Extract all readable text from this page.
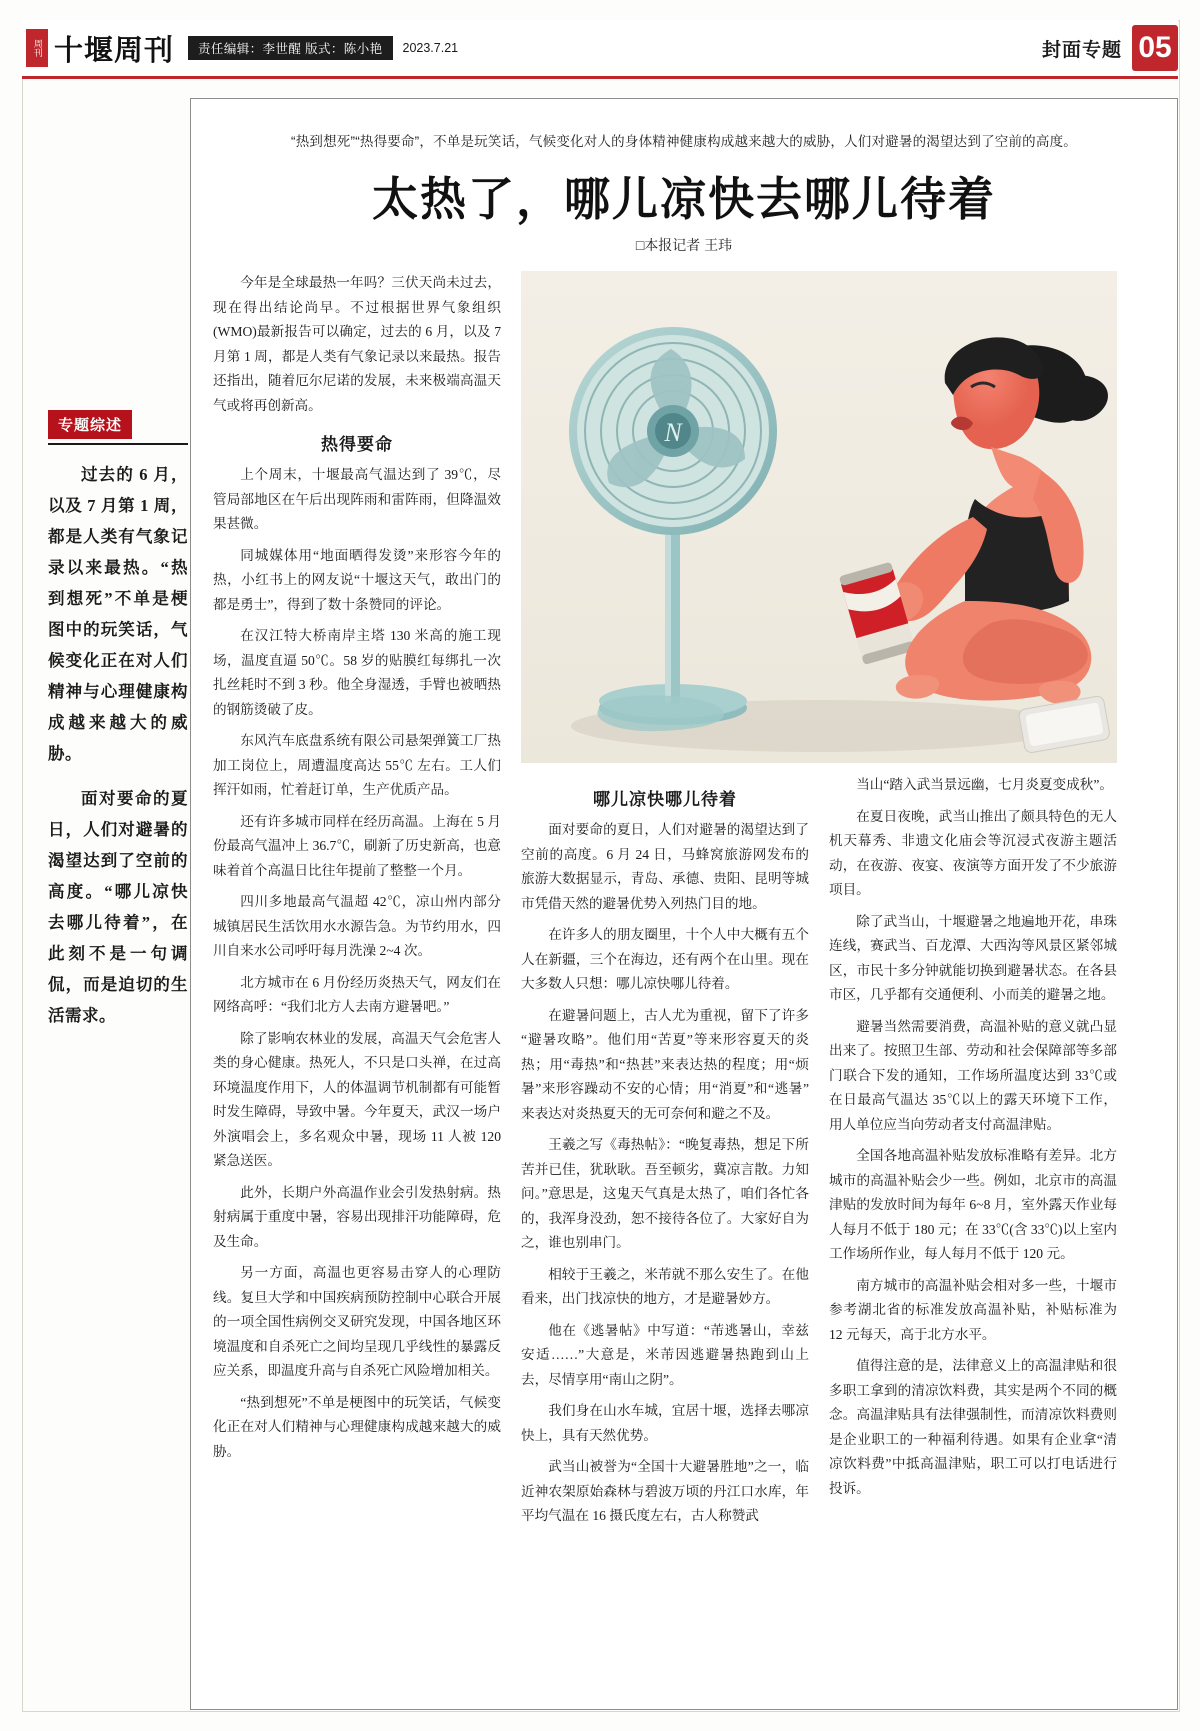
周刊 十堰周刊	责任编辑：李世醒 版式：陈小艳	2023.7.21	封面专题 05
专题综述

过去的 6 月，以及 7 月第 1 周，都是人类有气象记录以来最热。“热到想死”不单是梗图中的玩笑话，气候变化正在对人们精神与心理健康构成越来越大的威胁。

面对要命的夏日，人们对避暑的渴望达到了空前的高度。“哪儿凉快去哪儿待着”，在此刻不是一句调侃，而是迫切的生活需求。

“热到想死”“热得要命”，不单是玩笑话，气候变化对人的身体精神健康构成越来越大的威胁，人们对避暑的渴望达到了空前的高度。
太热了，哪儿凉快去哪儿待着
□本报记者 王玮

今年是全球最热一年吗？三伏天尚未过去，现在得出结论尚早。不过根据世界气象组织(WMO)最新报告可以确定，过去的 6 月，以及 7 月第 1 周，都是人类有气象记录以来最热。报告还指出，随着厄尔尼诺的发展，未来极端高温天气或将再创新高。

热得要命

上个周末，十堰最高气温达到了 39℃，尽管局部地区在午后出现阵雨和雷阵雨，但降温效果甚微。

同城媒体用“地面晒得发烫”来形容今年的热，小红书上的网友说“十堰这天气，敢出门的都是勇士”，得到了数十条赞同的评论。

在汉江特大桥南岸主塔 130 米高的施工现场，温度直逼 50℃。58 岁的贴膜红每绑扎一次扎丝耗时不到 3 秒。他全身湿透，手臂也被晒热的钢筋烫破了皮。

东风汽车底盘系统有限公司悬架弹簧工厂热加工岗位上，周遭温度高达 55℃ 左右。工人们挥汗如雨，忙着赶订单，生产优质产品。

还有许多城市同样在经历高温。上海在 5 月份最高气温冲上 36.7℃，刷新了历史新高，也意味着首个高温日比往年提前了整整一个月。

四川多地最高气温超 42℃，凉山州内部分城镇居民生活饮用水水源告急。为节约用水，四川自来水公司呼吁每月洗澡 2~4 次。

北方城市在 6 月份经历炎热天气，网友们在网络高呼：“我们北方人去南方避暑吧。”

除了影响农林业的发展，高温天气会危害人类的身心健康。热死人，不只是口头禅，在过高环境温度作用下，人的体温调节机制都有可能暂时发生障碍，导致中暑。今年夏天，武汉一场户外演唱会上，多名观众中暑，现场 11 人被 120 紧急送医。

此外，长期户外高温作业会引发热射病。热射病属于重度中暑，容易出现排汗功能障碍，危及生命。

另一方面，高温也更容易击穿人的心理防线。复旦大学和中国疾病预防控制中心联合开展的一项全国性病例交叉研究发现，中国各地区环境温度和自杀死亡之间均呈现几乎线性的暴露反应关系，即温度升高与自杀死亡风险增加相关。

“热到想死”不单是梗图中的玩笑话，气候变化正在对人们精神与心理健康构成越来越大的威胁。

N
哪儿凉快哪儿待着

面对要命的夏日，人们对避暑的渴望达到了空前的高度。6 月 24 日，马蜂窝旅游网发布的旅游大数据显示，青岛、承德、贵阳、昆明等城市凭借天然的避暑优势入列热门目的地。

在许多人的朋友圈里，十个人中大概有五个人在新疆，三个在海边，还有两个在山里。现在大多数人只想：哪儿凉快哪儿待着。

在避暑问题上，古人尤为重视，留下了许多“避暑攻略”。他们用“苦夏”等来形容夏天的炎热；用“毒热”和“热甚”来表达热的程度；用“烦暑”来形容躁动不安的心情；用“消夏”和“逃暑”来表达对炎热夏天的无可奈何和避之不及。

王羲之写《毒热帖》：“晚复毒热，想足下所苦并已佳，犹耿耿。吾至顿劣，冀凉言散。力知问。”意思是，这鬼天气真是太热了，咱们各忙各的，我浑身没劲，恕不接待各位了。大家好自为之，谁也别串门。

相较于王羲之，米芾就不那么安生了。在他看来，出门找凉快的地方，才是避暑妙方。

他在《逃暑帖》中写道：“芾逃暑山，幸兹安适……”大意是，米芾因逃避暑热跑到山上去，尽情享用“南山之阴”。

我们身在山水车城，宜居十堰，选择去哪凉快上，具有天然优势。

武当山被誉为“全国十大避暑胜地”之一，临近神农架原始森林与碧波万顷的丹江口水库，年平均气温在 16 摄氏度左右，古人称赞武

当山“踏入武当景远幽，七月炎夏变成秋”。

在夏日夜晚，武当山推出了颇具特色的无人机天幕秀、非遗文化庙会等沉浸式夜游主题活动，在夜游、夜宴、夜演等方面开发了不少旅游项目。

除了武当山，十堰避暑之地遍地开花，串珠连线，赛武当、百龙潭、大西沟等风景区紧邻城区，市民十多分钟就能切换到避暑状态。在各县市区，几乎都有交通便利、小而美的避暑之地。

避暑当然需要消费，高温补贴的意义就凸显出来了。按照卫生部、劳动和社会保障部等多部门联合下发的通知，工作场所温度达到 33℃或在日最高气温达 35℃以上的露天环境下工作，用人单位应当向劳动者支付高温津贴。

全国各地高温补贴发放标准略有差异。北方城市的高温补贴会少一些。例如，北京市的高温津贴的发放时间为每年 6~8 月，室外露天作业每人每月不低于 180 元；在 33℃(含 33℃)以上室内工作场所作业，每人每月不低于 120 元。

南方城市的高温补贴会相对多一些，十堰市参考湖北省的标准发放高温补贴，补贴标准为 12 元每天，高于北方水平。

值得注意的是，法律意义上的高温津贴和很多职工拿到的清凉饮料费，其实是两个不同的概念。高温津贴具有法律强制性，而清凉饮料费则是企业职工的一种福利待遇。如果有企业拿“清凉饮料费”中抵高温津贴，职工可以打电话进行投诉。
